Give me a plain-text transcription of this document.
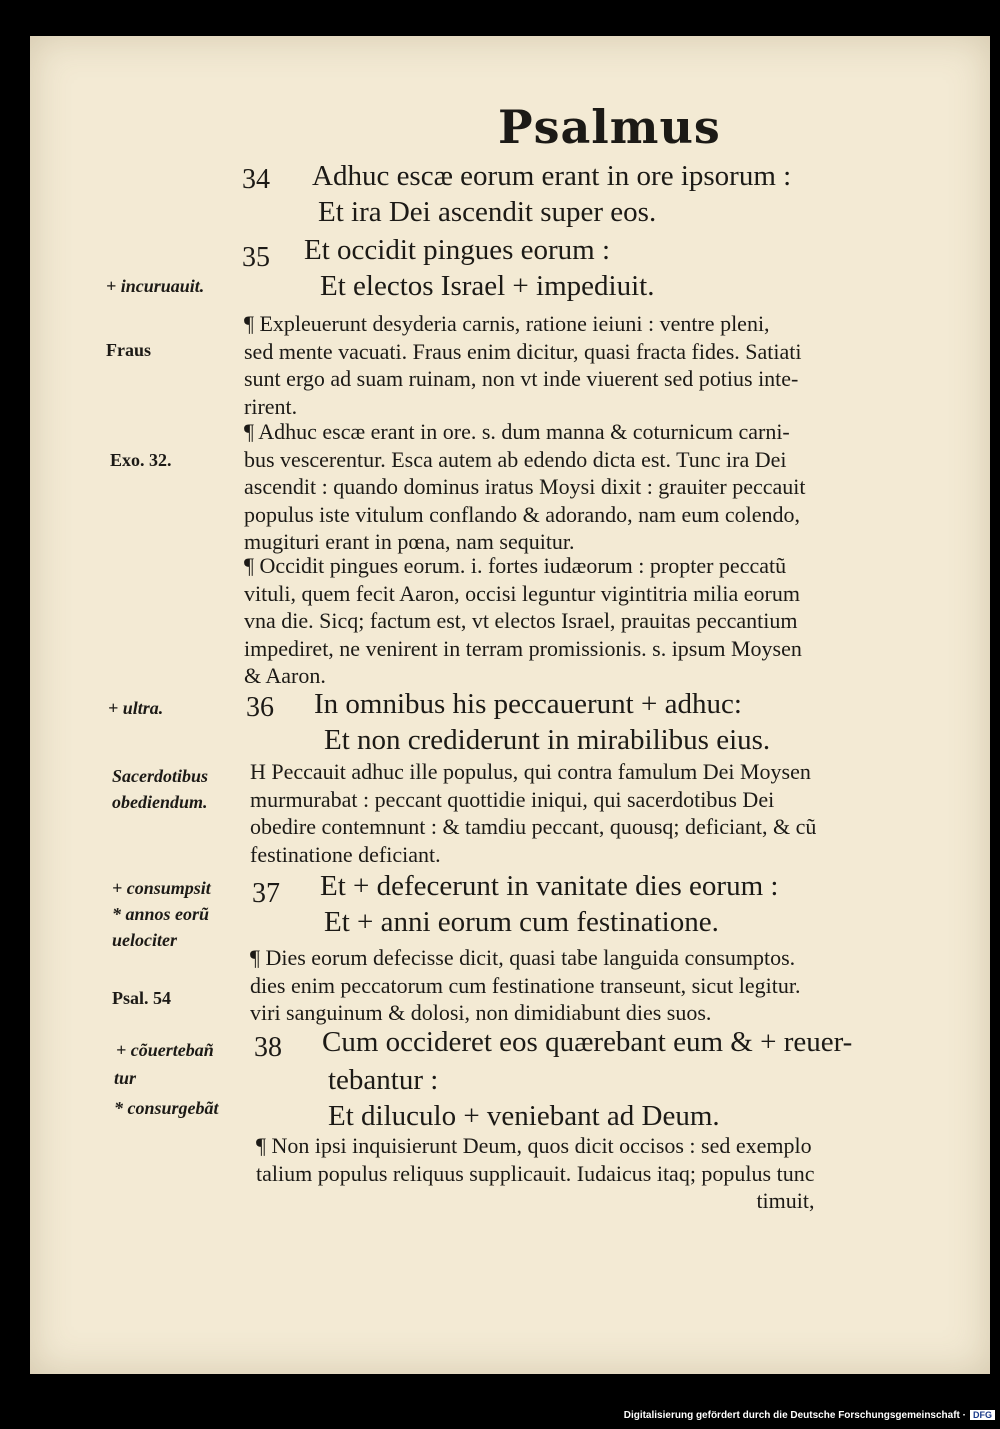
Psalmus
34 Adhuc escæ eorum erant in ore ipsorum :
Et ira Dei ascendit super eos.
35 Et occidit pingues eorum :
Et electos Israel + impediuit.
+ incuruauit.
¶ Expleuerunt desyderia carnis, ratione ieiuni : ventre pleni,
sed mente vacuati. Fraus enim dicitur, quasi fracta fides. Satiati
sunt ergo ad suam ruinam, non vt inde viuerent sed potius inte-
rirent.
Fraus
¶ Adhuc escæ erant in ore. s. dum manna & coturnicum carni-
bus vescerentur. Esca autem ab edendo dicta est. Tunc ira Dei
ascendit : quando dominus iratus Moysi dixit : grauiter peccauit
populus iste vitulum conflando & adorando, nam eum colendo,
mugituri erant in pœna, nam sequitur.
Exo. 32.
¶ Occidit pingues eorum. i. fortes iudæorum : propter peccatũ
vituli, quem fecit Aaron, occisi leguntur vigintitria milia eorum
vna die. Sicq; factum est, vt electos Israel, prauitas peccantium
impediret, ne venirent in terram promissionis. s. ipsum Moysen
& Aaron.
36 In omnibus his peccauerunt + adhuc:
Et non crediderunt in mirabilibus eius.
+ ultra.
H Peccauit adhuc ille populus, qui contra famulum Dei Moysen
murmurabat : peccant quottidie iniqui, qui sacerdotibus Dei
obedire contemnunt : & tamdiu peccant, quousq; deficiant, & cũ
festinatione deficiant.
Sacerdotibus
obediendum.
37 Et + defecerunt in vanitate dies eorum :
Et + anni eorum cum festinatione.
+ consumpsit
* annos eorũ
uelociter
¶ Dies eorum defecisse dicit, quasi tabe languida consumptos.
dies enim peccatorum cum festinatione transeunt, sicut legitur.
viri sanguinum & dolosi, non dimidiabunt dies suos.
Psal. 54
38 Cum occideret eos quærebant eum & + reuer-
tebantur :
Et diluculo + veniebant ad Deum.
+ cõuertebañ
tur
* consurgebãt
¶ Non ipsi inquisierunt Deum, quos dicit occisos : sed exemplo
talium populus reliquus supplicauit. Iudaicus itaq; populus tunc
timuit,
Digitalisierung gefördert durch die Deutsche Forschungsgemeinschaft · DFG
